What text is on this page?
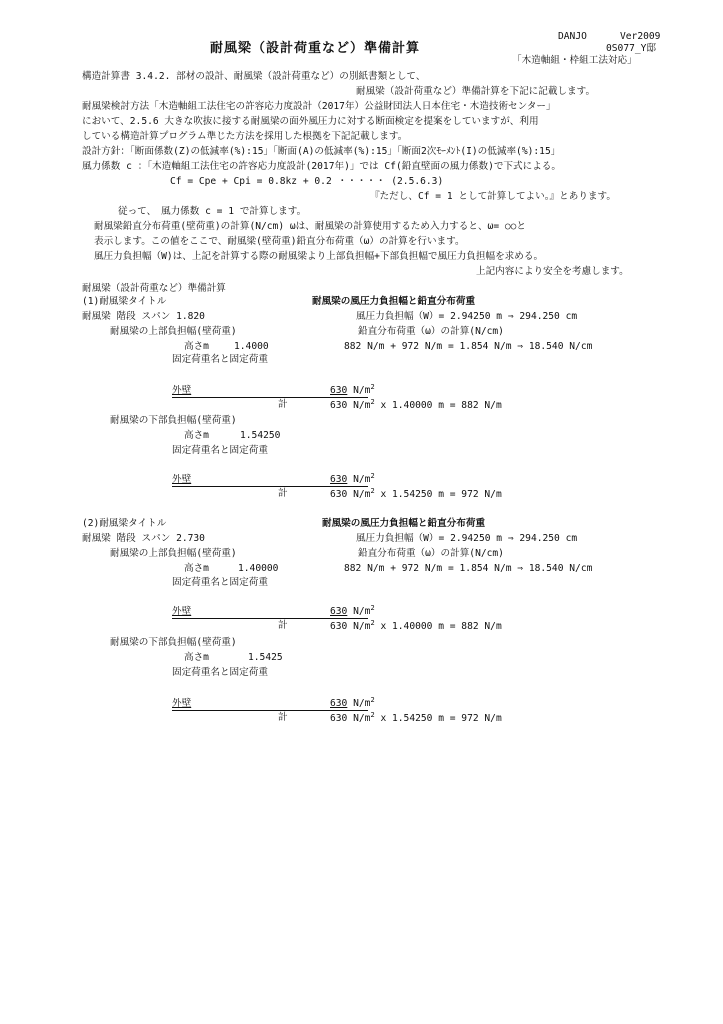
DANJO	Ver2009
0S077_Y邸
耐風梁（設計荷重など）準備計算
「木造軸組・枠組工法対応」
構造計算書 3.4.2. 部材の設計、耐風梁（設計荷重など）の別紙書類として、
耐風梁（設計荷重など）準備計算を下記に記載します。
耐風梁検討方法「木造軸組工法住宅の許容応力度設計（2017年）公益財団法人日本住宅・木造技術センター」
において、2.5.6 大きな吹抜に接する耐風梁の面外風圧力に対する断面検定を提案をしていますが、利用
している構造計算プログラム準じた方法を採用した根拠を下記記載します。
設計方針：「断面係数(Z)の低減率(%):15」「断面(A)の低減率(%):15」「断面2次ﾓｰﾒﾝﾄ(I)の低減率(%):15」
風力係数 c ：「木造軸組工法住宅の許容応力度設計(2017年)」では Cf(鉛直壁面の風力係数)で下式による。
Cf = Cpe + Cpi = 0.8kz + 0.2 ・・・・・ (2.5.6.3)
『ただし、Cf = 1 として計算してよい。』とあります。
従って、　風力係数 c = 1 で計算します。
耐風梁鉛直分布荷重(壁荷重)の計算(N/cm) ωは、耐風梁の計算使用するため入力すると、ω= ○○と
表示します。この値をここで、耐風梁(壁荷重)鉛直分布荷重（ω）の計算を行います。
風圧力負担幅（W)は、上記を計算する際の耐風梁より上部負担幅+下部負担幅で風圧力負担幅を求める。
上記内容により安全を考慮します。
耐風梁（設計荷重など）準備計算
(1)耐風梁タイトル	耐風梁の風圧力負担幅と鉛直分布荷重
耐風梁 階段 スパン 1.820	風圧力負担幅（W）= 2.94250 m ⇒ 294.250 cm
耐風梁の上部負担幅(壁荷重)	鉛直分布荷重（ω）の計算(N/cm)
高さm	1.4000	882 N/m + 972 N/m = 1.854 N/m ⇒ 18.540 N/cm
固定荷重名と固定荷重
外壁	630 $N/m^2$
計	630 $N/m^2$ x 1.40000 m = 882 N/m
耐風梁の下部負担幅(壁荷重)
高さm	1.54250
固定荷重名と固定荷重
外壁	630 $N/m^2$
計	630 $N/m^2$ x 1.54250 m = 972 N/m
(2)耐風梁タイトル	耐風梁の風圧力負担幅と鉛直分布荷重
耐風梁 階段 スパン 2.730	風圧力負担幅（W）= 2.94250 m ⇒ 294.250 cm
耐風梁の上部負担幅(壁荷重)	鉛直分布荷重（ω）の計算(N/cm)
高さm	1.40000	882 N/m + 972 N/m = 1.854 N/m ⇒ 18.540 N/cm
固定荷重名と固定荷重
外壁	630 $N/m^2$
計	630 $N/m^2$ x 1.40000 m = 882 N/m
耐風梁の下部負担幅(壁荷重)
高さm	1.5425
固定荷重名と固定荷重
外壁	630 $N/m^2$
計	630 $N/m^2$ x 1.54250 m = 972 N/m
